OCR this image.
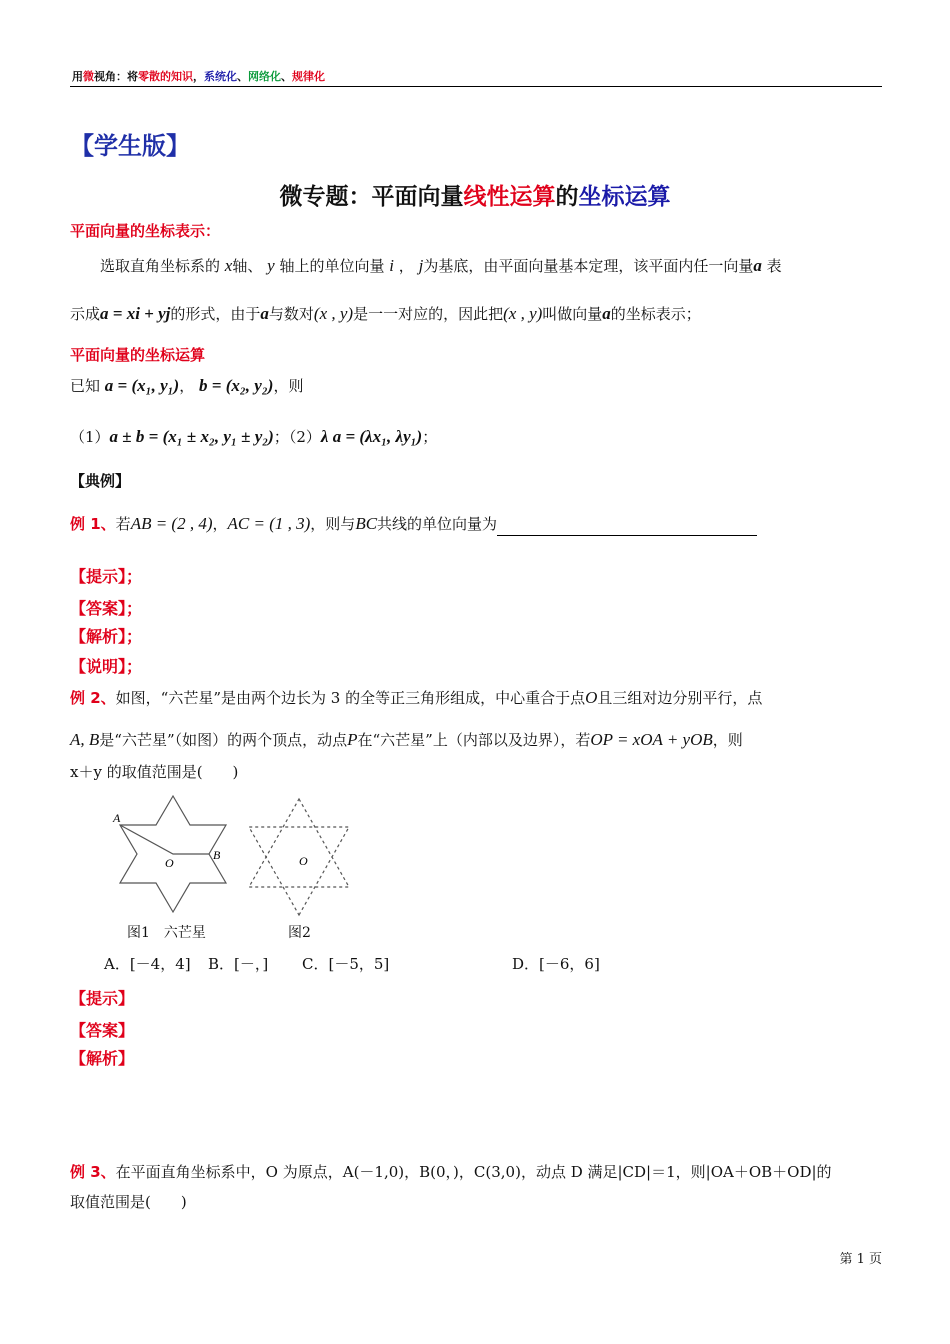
用微视角：将零散的知识，系统化、网络化、规律化
【学生版】
微专题：平面向量线性运算的坐标运算
平面向量的坐标表示：
选取直角坐标系的 x轴、 y 轴上的单位向量 i ， j为基底，由平面向量基本定理，该平面内任一向量a 表
示成a = xi + yj的形式，由于a与数对(x , y)是一一对应的，因此把(x , y)叫做向量a的坐标表示；
平面向量的坐标运算
已知 a = (x₁, y₁)， b = (x₂, y₂)，则
（1）a ± b = (x₁ ± x₂, y₁ ± y₂)；（2）λ a = (λx₁, λy₁)；
【典例】
例 1、若AB = (2 , 4)，AC = (1 , 3)，则与BC共线的单位向量为
【提示】；
【答案】；
【解析】；
【说明】；
例 2、如图，“六芒星”是由两个边长为 3 的全等正三角形组成，中心重合于点O且三组对边分别平行，点
A, B是“六芒星”（如图）的两个顶点，动点P在“六芒星”上（内部以及边界），若OP = xOA + yOB，则
x＋y 的取值范围是(　　)
A
O
B	O
图1　六芒星	图2
A．[－4，4] B．[－，] C．[－5，5]	D．[－6，6]
【提示】
【答案】
【解析】
例 3、在平面直角坐标系中，O 为原点，A(－1,0)，B(0，)，C(3,0)，动点 D 满足|CD|＝1，则|OA＋OB＋OD|的
取值范围是(　　)
第 1 页
